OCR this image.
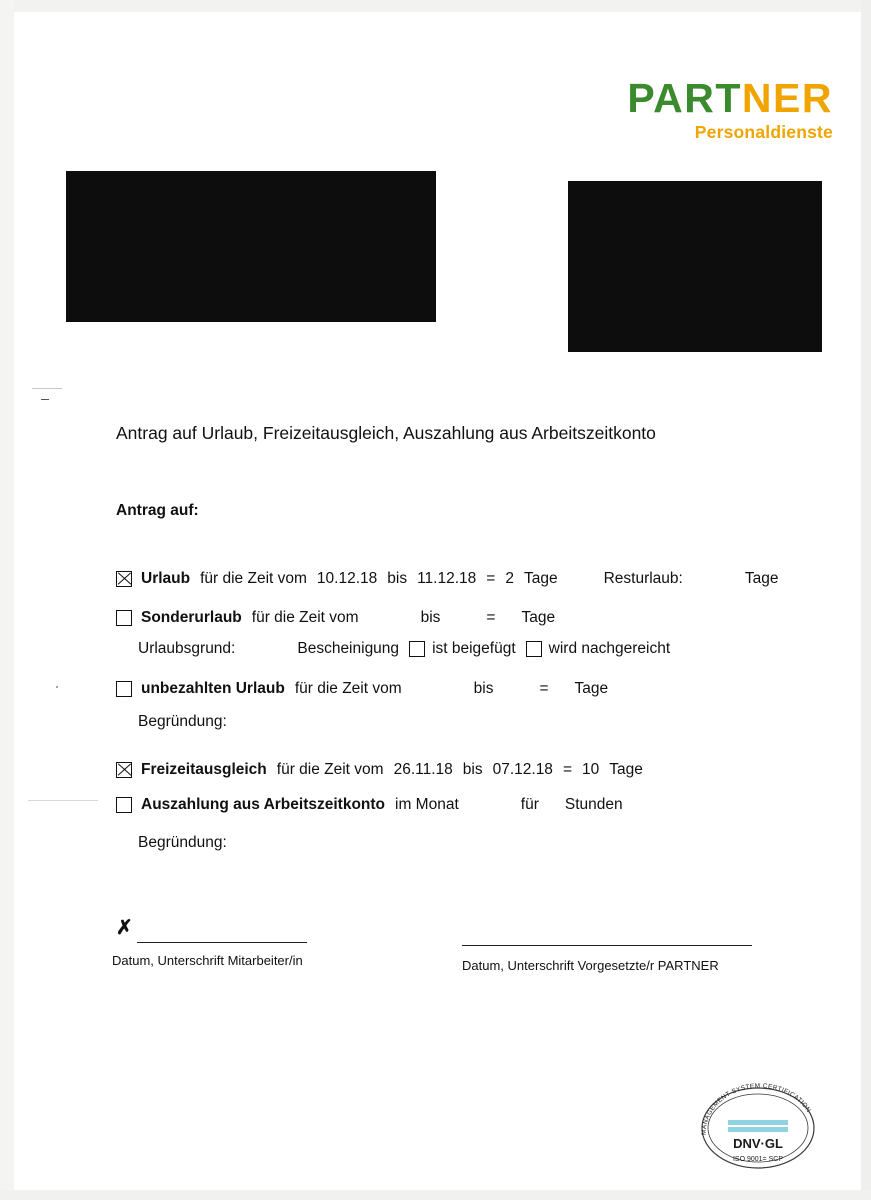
PARTNER
Personaldienste
Antrag auf Urlaub, Freizeitausgleich, Auszahlung aus Arbeitszeitkonto
Antrag auf:
Urlaub für die Zeit vom 10.12.18 bis 11.12.18 = 2 Tage	Resturlaub:	Tage
Sonderurlaub für die Zeit vom	bis	= Tage
Urlaubsgrund:	Bescheinigung ist beigefügt wird nachgereicht
unbezahlten Urlaub für die Zeit vom	bis	= Tage
Begründung:
Freizeitausgleich für die Zeit vom 26.11.18 bis 07.12.18 = 10 Tage
Auszahlung aus Arbeitszeitkonto im Monat	für Stunden
Begründung:
✗
Datum, Unterschrift Mitarbeiter/in	Datum, Unterschrift Vorgesetzte/r PARTNER
MANAGEMENT SYSTEM CERTIFICATION
DNV·GL
ISO 9001= SCP
